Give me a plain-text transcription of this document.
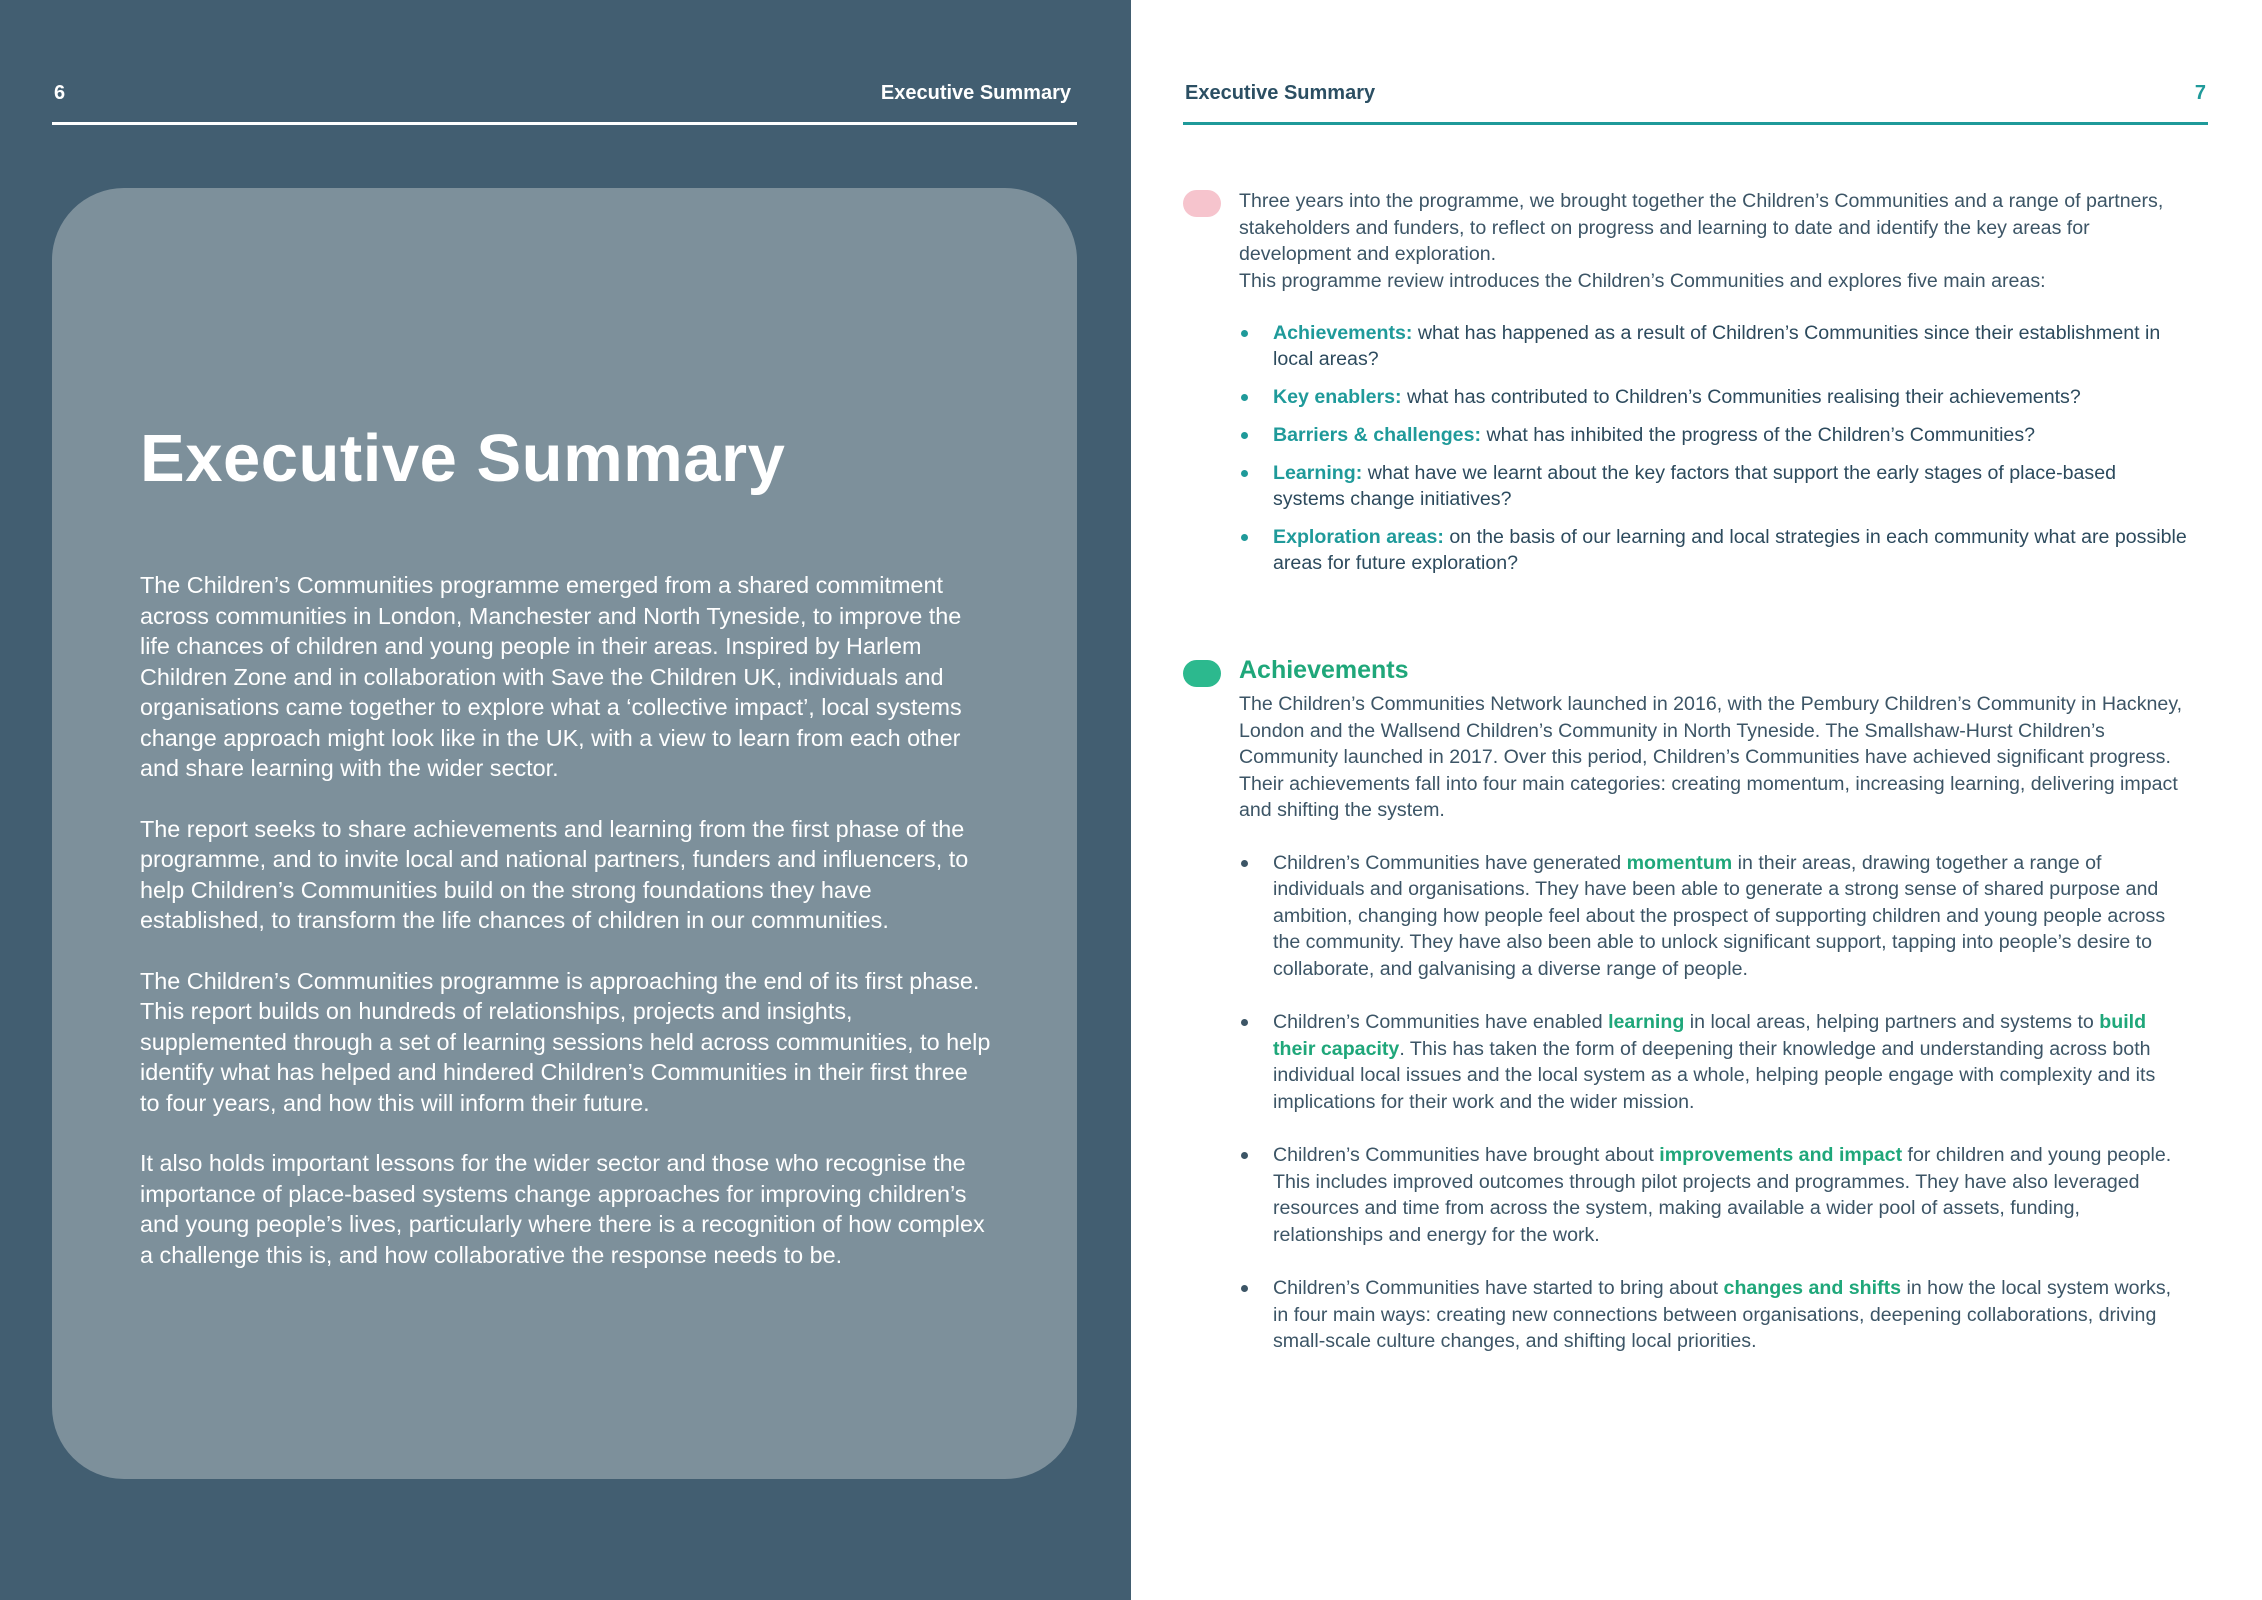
6	Executive Summary
Executive Summary

The Children’s Communities programme emerged from a shared commitment across communities in London, Manchester and North Tyneside, to improve the life chances of children and young people in their areas. Inspired by Harlem Children Zone and in collaboration with Save the Children UK, individuals and organisations came together to explore what a ‘collective impact’, local systems change approach might look like in the UK, with a view to learn from each other and share learning with the wider sector.

The report seeks to share achievements and learning from the first phase of the programme, and to invite local and national partners, funders and influencers, to help Children’s Communities build on the strong foundations they have established, to transform the life chances of children in our communities.

The Children’s Communities programme is approaching the end of its first phase. This report builds on hundreds of relationships, projects and insights, supplemented through a set of learning sessions held across communities, to help identify what has helped and hindered Children’s Communities in their first three to four years, and how this will inform their future.

It also holds important lessons for the wider sector and those who recognise the importance of place-based systems change approaches for improving children’s and young people’s lives, particularly where there is a recognition of how complex a challenge this is, and how collaborative the response needs to be.

Executive Summary	7

Three years into the programme, we brought together the Children’s Communities and a range of partners, stakeholders and funders, to reflect on progress and learning to date and identify the key areas for development and exploration.

This programme review introduces the Children’s Communities and explores five main areas:

Achievements: what has happened as a result of Children’s Communities since their establishment in local areas?
Key enablers: what has contributed to Children’s Communities realising their achievements?
Barriers & challenges: what has inhibited the progress of the Children’s Communities?
Learning: what have we learnt about the key factors that support the early stages of place-based systems change initiatives?
Exploration areas: on the basis of our learning and local strategies in each community what are possible areas for future exploration?
Achievements

The Children’s Communities Network launched in 2016, with the Pembury Children’s Community in Hackney, London and the Wallsend Children’s Community in North Tyneside. The Smallshaw-Hurst Children’s Community launched in 2017. Over this period, Children’s Communities have achieved significant progress. Their achievements fall into four main categories: creating momentum, increasing learning, delivering impact and shifting the system.

Children’s Communities have generated momentum in their areas, drawing together a range of individuals and organisations. They have been able to generate a strong sense of shared purpose and ambition, changing how people feel about the prospect of supporting children and young people across the community. They have also been able to unlock significant support, tapping into people’s desire to collaborate, and galvanising a diverse range of people.
Children’s Communities have enabled learning in local areas, helping partners and systems to build their capacity. This has taken the form of deepening their knowledge and understanding across both individual local issues and the local system as a whole, helping people engage with complexity and its implications for their work and the wider mission.
Children’s Communities have brought about improvements and impact for children and young people. This includes improved outcomes through pilot projects and programmes. They have also leveraged resources and time from across the system, making available a wider pool of assets, funding, relationships and energy for the work.
Children’s Communities have started to bring about changes and shifts in how the local system works, in four main ways: creating new connections between organisations, deepening collaborations, driving small-scale culture changes, and shifting local priorities.
